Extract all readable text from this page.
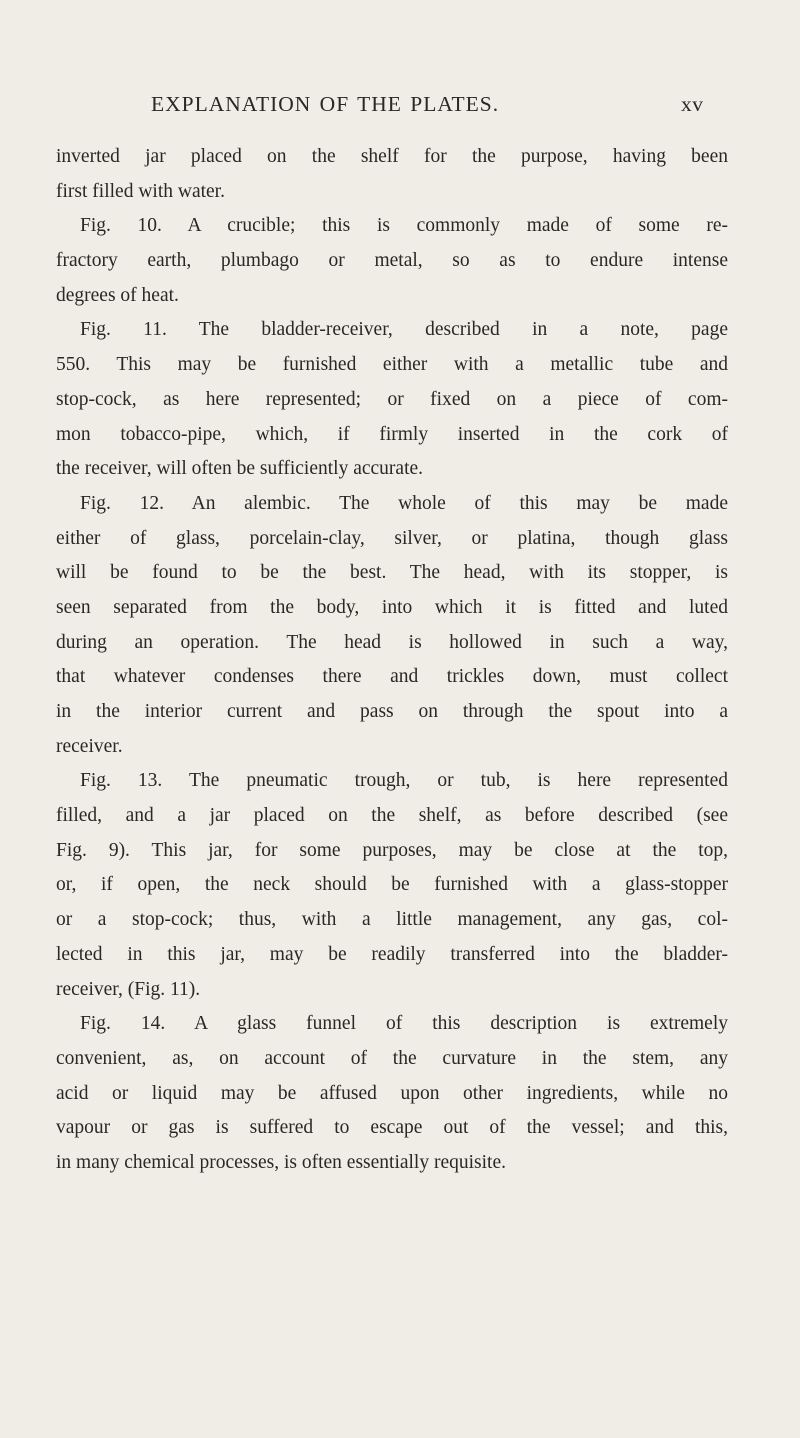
EXPLANATION OF THE PLATES.	xv
inverted jar placed on the shelf for the purpose, having been
first filled with water.
Fig. 10. A crucible; this is commonly made of some re-
fractory earth, plumbago or metal, so as to endure intense
degrees of heat.
Fig. 11. The bladder-receiver, described in a note, page
550. This may be furnished either with a metallic tube and
stop-cock, as here represented; or fixed on a piece of com-
mon tobacco-pipe, which, if firmly inserted in the cork of
the receiver, will often be sufficiently accurate.
Fig. 12. An alembic. The whole of this may be made
either of glass, porcelain-clay, silver, or platina, though glass
will be found to be the best. The head, with its stopper, is
seen separated from the body, into which it is fitted and luted
during an operation. The head is hollowed in such a way,
that whatever condenses there and trickles down, must collect
in the interior current and pass on through the spout into a
receiver.
Fig. 13. The pneumatic trough, or tub, is here represented
filled, and a jar placed on the shelf, as before described (see
Fig. 9). This jar, for some purposes, may be close at the top,
or, if open, the neck should be furnished with a glass-stopper
or a stop-cock; thus, with a little management, any gas, col-
lected in this jar, may be readily transferred into the bladder-
receiver, (Fig. 11).
Fig. 14. A glass funnel of this description is extremely
convenient, as, on account of the curvature in the stem, any
acid or liquid may be affused upon other ingredients, while no
vapour or gas is suffered to escape out of the vessel; and this,
in many chemical processes, is often essentially requisite.
